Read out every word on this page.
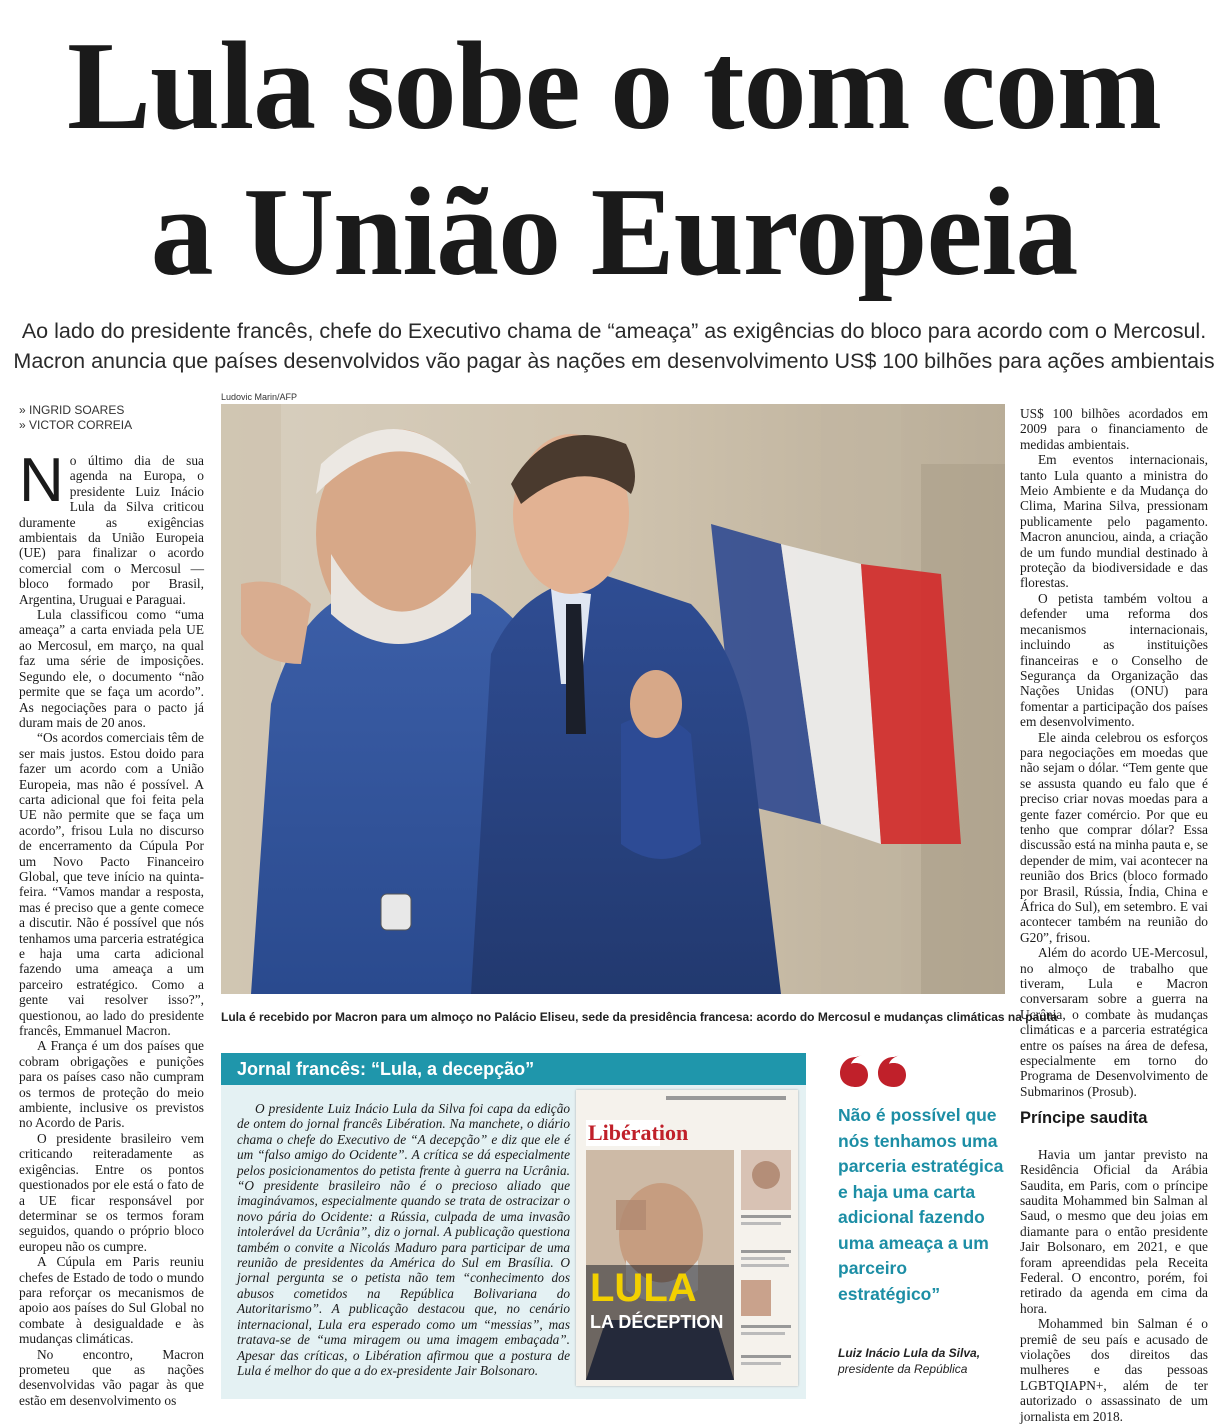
Lula sobe o tom com
a União Europeia
Ao lado do presidente francês, chefe do Executivo chama de “ameaça” as exigências do bloco para acordo com o Mercosul.
Macron anuncia que países desenvolvidos vão pagar às nações em desenvolvimento US$ 100 bilhões para ações ambientais
» INGRID SOARES
» VICTOR CORREIA

No último dia de sua agenda na Europa, o presidente Luiz Inácio Lula da Silva criticou duramente as exigências ambientais da União Europeia (UE) para finalizar o acordo comercial com o Mercosul — bloco formado por Brasil, Argentina, Uruguai e Paraguai.

Lula classificou como “uma ameaça” a carta enviada pela UE ao Mercosul, em março, na qual faz uma série de imposições. Segundo ele, o documento “não permite que se faça um acordo”. As negociações para o pacto já duram mais de 20 anos.

“Os acordos comerciais têm de ser mais justos. Estou doido para fazer um acordo com a União Europeia, mas não é possível. A carta adicional que foi feita pela UE não permite que se faça um acordo”, frisou Lula no discurso de encerramento da Cúpula Por um Novo Pacto Financeiro Global, que teve início na quinta-feira. “Vamos mandar a resposta, mas é preciso que a gente comece a discutir. Não é possível que nós tenhamos uma parceria estratégica e haja uma carta adicional fazendo uma ameaça a um parceiro estratégico. Como a gente vai resolver isso?”, questionou, ao lado do presidente francês, Emmanuel Macron.

A França é um dos países que cobram obrigações e punições para os países caso não cumpram os termos de proteção do meio ambiente, inclusive os previstos no Acordo de Paris.

O presidente brasileiro vem criticando reiteradamente as exigências. Entre os pontos questionados por ele está o fato de a UE ficar responsável por determinar se os termos foram seguidos, quando o próprio bloco europeu não os cumpre.

A Cúpula em Paris reuniu chefes de Estado de todo o mundo para reforçar os mecanismos de apoio aos países do Sul Global no combate à desigualdade e às mudanças climáticas.

No encontro, Macron prometeu que as nações desenvolvidas vão pagar às que estão em desenvolvimento os

Ludovic Marin/AFP
Lula é recebido por Macron para um almoço no Palácio Eliseu, sede da presidência francesa: acordo do Mercosul e mudanças climáticas na pauta
Jornal francês: “Lula, a decepção”

O presidente Luiz Inácio Lula da Silva foi capa da edição de ontem do jornal francês Libération. Na manchete, o diário chama o chefe do Executivo de “A decepção” e diz que ele é um “falso amigo do Ocidente”. A crítica se dá especialmente pelos posicionamentos do petista frente à guerra na Ucrânia. “O presidente brasileiro não é o precioso aliado que imaginávamos, especialmente quando se trata de ostracizar o novo pária do Ocidente: a Rússia, culpada de uma invasão intolerável da Ucrânia”, diz o jornal. A publicação questiona também o convite a Nicolás Maduro para participar de uma reunião de presidentes da América do Sul em Brasília. O jornal pergunta se o petista não tem “conhecimento dos abusos cometidos na República Bolivariana do Autoritarismo”. A publicação destacou que, no cenário internacional, Lula era esperado como um “messias”, mas tratava-se de “uma miragem ou uma imagem embaçada”. Apesar das críticas, o Libération afirmou que a postura de Lula é melhor do que a do ex-presidente Jair Bolsonaro.

Libération
LULA
LA DÉCEPTION
Não é possível que nós tenhamos uma parceria estratégica e haja uma carta adicional fazendo uma ameaça a um parceiro estratégico”
Luiz Inácio Lula da Silva,
presidente da República

US$ 100 bilhões acordados em 2009 para o financiamento de medidas ambientais.

Em eventos internacionais, tanto Lula quanto a ministra do Meio Ambiente e da Mudança do Clima, Marina Silva, pressionam publicamente pelo pagamento. Macron anunciou, ainda, a criação de um fundo mundial destinado à proteção da biodiversidade e das florestas.

O petista também voltou a defender uma reforma dos mecanismos internacionais, incluindo as instituições financeiras e o Conselho de Segurança da Organização das Nações Unidas (ONU) para fomentar a participação dos países em desenvolvimento.

Ele ainda celebrou os esforços para negociações em moedas que não sejam o dólar. “Tem gente que se assusta quando eu falo que é preciso criar novas moedas para a gente fazer comércio. Por que eu tenho que comprar dólar? Essa discussão está na minha pauta e, se depender de mim, vai acontecer na reunião dos Brics (bloco formado por Brasil, Rússia, Índia, China e África do Sul), em setembro. E vai acontecer também na reunião do G20”, frisou.

Além do acordo UE-Mercosul, no almoço de trabalho que tiveram, Lula e Macron conversaram sobre a guerra na Ucrânia, o combate às mudanças climáticas e a parceria estratégica entre os países na área de defesa, especialmente em torno do Programa de Desenvolvimento de Submarinos (Prosub).

Príncipe saudita

Havia um jantar previsto na Residência Oficial da Arábia Saudita, em Paris, com o príncipe saudita Mohammed bin Salman al Saud, o mesmo que deu joias em diamante para o então presidente Jair Bolsonaro, em 2021, e que foram apreendidas pela Receita Federal. O encontro, porém, foi retirado da agenda em cima da hora.

Mohammed bin Salman é o premiê de seu país e acusado de violações dos direitos das mulheres e das pessoas LGBTQIAPN+, além de ter autorizado o assassinato de um jornalista em 2018.
